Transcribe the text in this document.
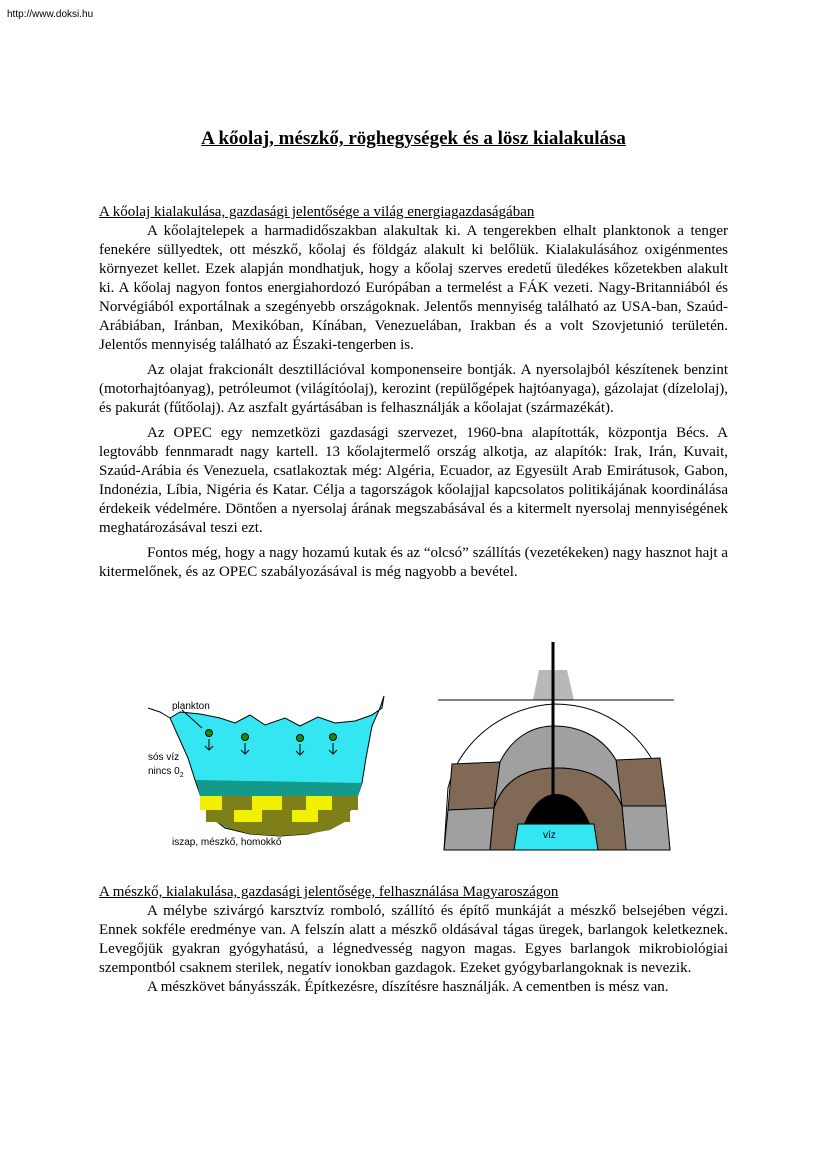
http://www.doksi.hu
A kőolaj, mészkő, röghegységek és a lösz kialakulása
A kőolaj kialakulása, gazdasági jelentősége a világ energiagazdaságában

A kőolajtelepek a harmadidőszakban alakultak ki. A tengerekben elhalt planktonok a tenger fenekére süllyedtek, ott mészkő, kőolaj és földgáz alakult ki belőlük. Kialakulásához oxigénmentes környezet kellet. Ezek alapján mondhatjuk, hogy a kőolaj szerves eredetű üledékes kőzetekben alakult ki. A kőolaj nagyon fontos energiahordozó Európában a termelést a FÁK vezeti. Nagy-Britanniából és Norvégiából exportálnak a szegényebb országoknak. Jelentős mennyiség található az USA-ban, Szaúd-Arábiában, Iránban, Mexikóban, Kínában, Venezuelában, Irakban és a volt Szovjetunió területén. Jelentős mennyiség található az Északi-tengerben is.

Az olajat frakcionált desztillációval komponenseire bontják. A nyersolajból készítenek benzint (motorhajtóanyag), petróleumot (világítóolaj), kerozint (repülőgépek hajtóanyaga), gázolajat (dízelolaj), és pakurát (fűtőolaj). Az aszfalt gyártásában is felhasználják a kőolajat (származékát).

Az OPEC egy nemzetközi gazdasági szervezet, 1960-bna alapították, központja Bécs. A legtovább fennmaradt nagy kartell. 13 kőolajtermelő ország alkotja, az alapítók: Irak, Irán, Kuvait, Szaúd-Arábia és Venezuela, csatlakoztak még: Algéria, Ecuador, az Egyesült Arab Emirátusok, Gabon, Indonézia, Líbia, Nigéria és Katar. Célja a tagországok kőolajjal kapcsolatos politikájának koordinálása érdekeik védelmére. Döntően a nyersolaj árának megszabásával és a kitermelt nyersolaj mennyiségének meghatározásával teszi ezt.

Fontos még, hogy a nagy hozamú kutak és az “olcsó” szállítás (vezetékeken) nagy hasznot hajt a kitermelőnek, és az OPEC szabályozásával is még nagyobb a bevétel.

plankton
sós víz
nincs $0_2$
iszap, mészkő, homokkő
víz
A mészkő, kialakulása, gazdasági jelentősége, felhasználása Magyaroszágon

A mélybe szivárgó karsztvíz romboló, szállító és építő munkáját a mészkő belsejében végzi. Ennek sokféle eredménye van. A felszín alatt a mészkő oldásával tágas üregek, barlangok keletkeznek. Levegőjük gyakran gyógyhatású, a légnedvesség nagyon magas. Egyes barlangok mikrobiológiai szempontból csaknem sterilek, negatív ionokban gazdagok. Ezeket gyógybarlangoknak is nevezik.

A mészkövet bányásszák. Építkezésre, díszítésre használják. A cementben is mész van.
